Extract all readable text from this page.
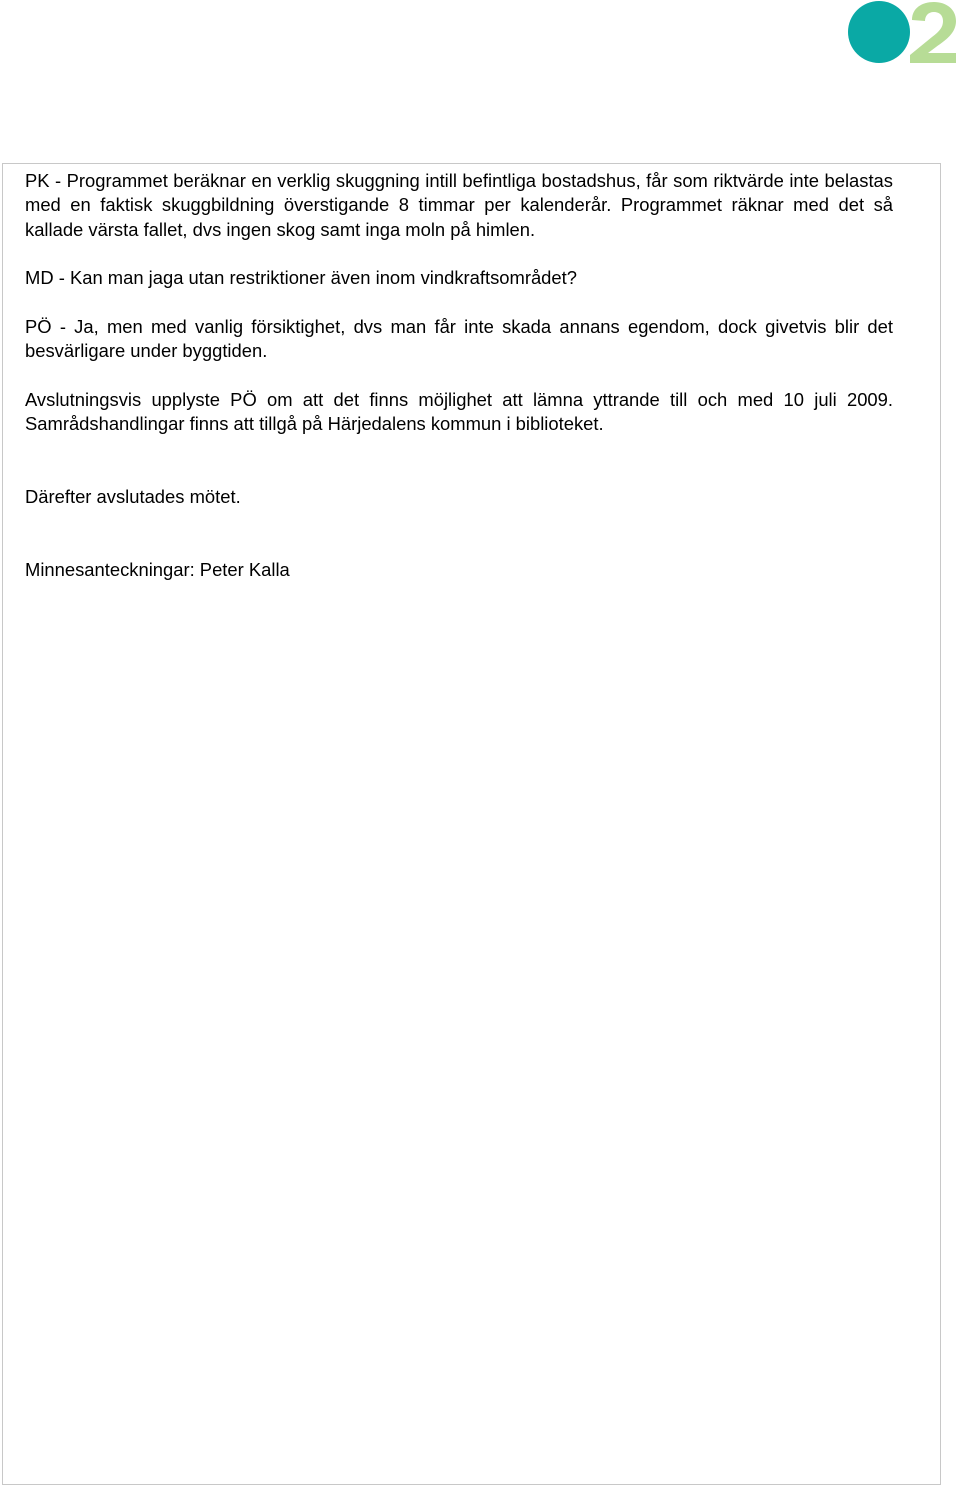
PK - Programmet beräknar en verklig skuggning intill befintliga bostadshus, får som riktvärde inte belastas med en faktisk skuggbildning överstigande 8 timmar per kalenderår. Programmet räknar med det så kallade värsta fallet, dvs ingen skog samt inga moln på himlen.

MD - Kan man jaga utan restriktioner även inom vindkraftsområdet?

PÖ - Ja, men med vanlig försiktighet, dvs man får inte skada annans egendom, dock givetvis blir det besvärligare under byggtiden.

Avslutningsvis upplyste PÖ om att det finns möjlighet att lämna yttrande till och med 10 juli 2009. Samrådshandlingar finns att tillgå på Härjedalens kommun i biblioteket.

Därefter avslutades mötet.

Minnesanteckningar: Peter Kalla
